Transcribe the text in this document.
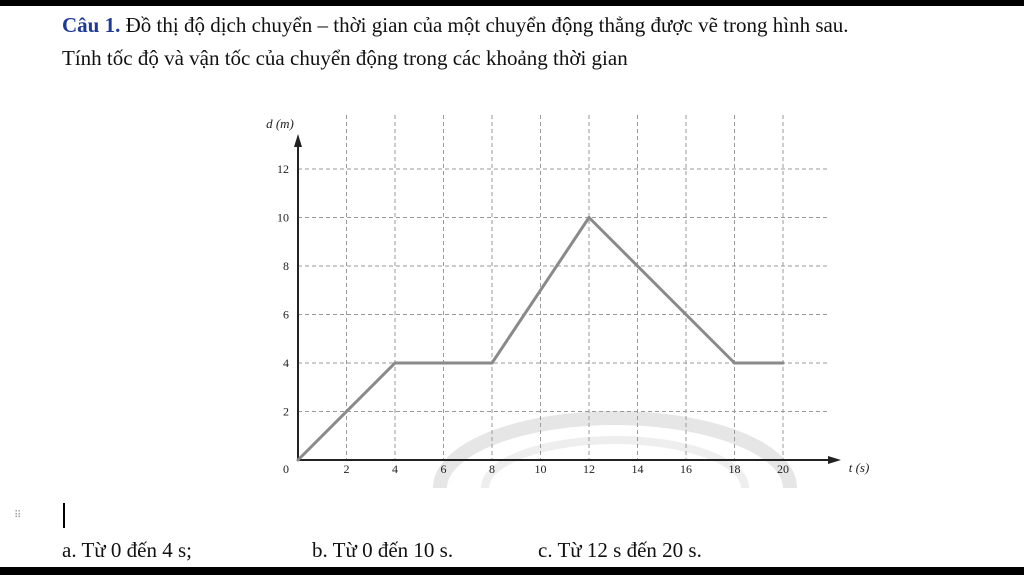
Câu 1. Đồ thị độ dịch chuyển – thời gian của một chuyển động thẳng được vẽ trong hình sau.
Tính tốc độ và vận tốc của chuyển động trong các khoảng thời gian
0	2	4	6	8	10	12	14	16	18	20
2
4
6
8
10
12
t (s)
d (m)
⠿
a. Từ 0 đến 4 s;	b. Từ 0 đến 10 s.	c. Từ 12 s đến 20 s.
